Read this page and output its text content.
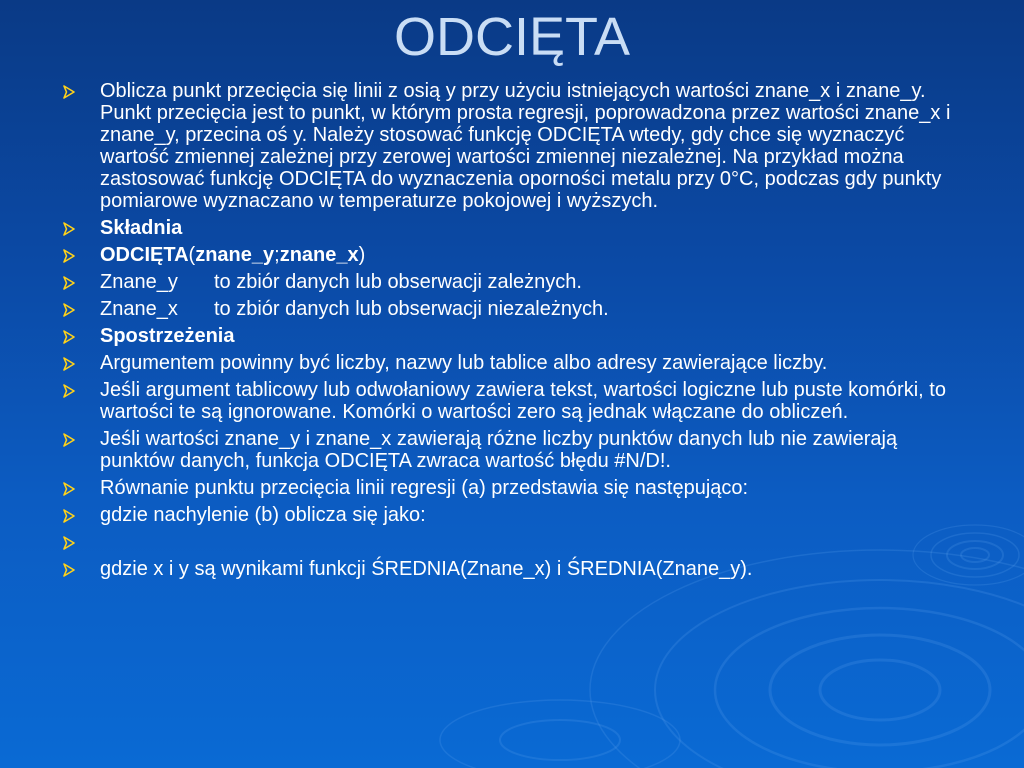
ODCIĘTA
Oblicza punkt przecięcia się linii z osią y przy użyciu istniejących wartości znane_x i znane_y. Punkt przecięcia jest to punkt, w którym prosta regresji, poprowadzona przez wartości znane_x i znane_y, przecina oś y. Należy stosować funkcję ODCIĘTA wtedy, gdy chce się wyznaczyć wartość zmiennej zależnej przy zerowej wartości zmiennej niezależnej. Na przykład można zastosować funkcję ODCIĘTA do wyznaczenia oporności metalu przy 0°C, podczas gdy punkty pomiarowe wyznaczano w temperaturze pokojowej i wyższych.
Składnia
ODCIĘTA(znane_y;znane_x)
Znane_y to zbiór danych lub obserwacji zależnych.
Znane_x to zbiór danych lub obserwacji niezależnych.
Spostrzeżenia
Argumentem powinny być liczby, nazwy lub tablice albo adresy zawierające liczby.
Jeśli argument tablicowy lub odwołaniowy zawiera tekst, wartości logiczne lub puste komórki, to wartości te są ignorowane. Komórki o wartości zero są jednak włączane do obliczeń.
Jeśli wartości znane_y i znane_x zawierają różne liczby punktów danych lub nie zawierają punktów danych, funkcja ODCIĘTA zwraca wartość błędu #N/D!.
Równanie punktu przecięcia linii regresji (a) przedstawia się następująco:
gdzie nachylenie (b) oblicza się jako:
gdzie x i y są wynikami funkcji ŚREDNIA(Znane_x) i ŚREDNIA(Znane_y).
